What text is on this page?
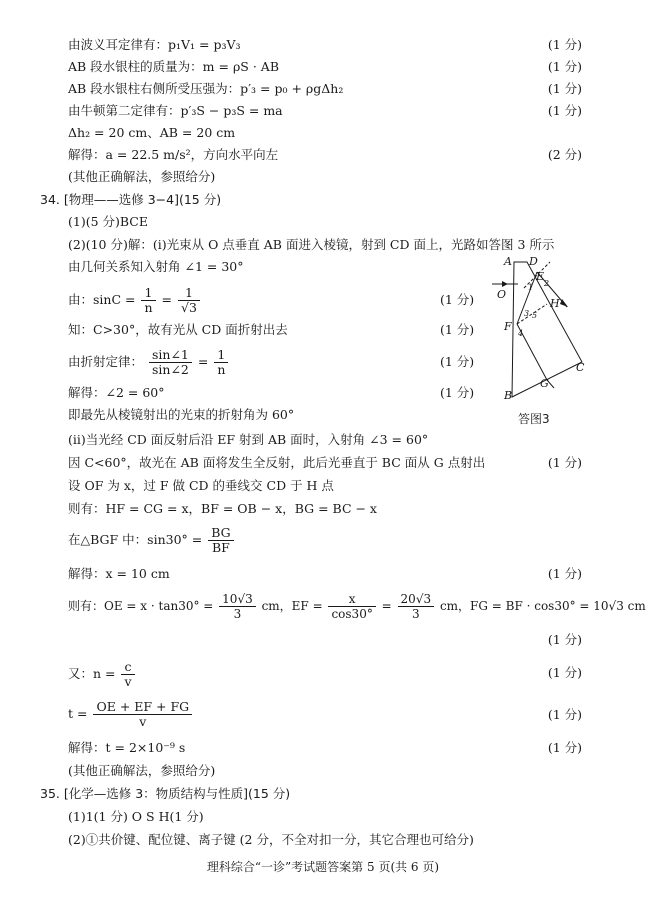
由波义耳定律有：p₁V₁ = p₃V₃	(1 分)
AB 段水银柱的质量为：m = ρS · AB	(1 分)
AB 段水银柱右侧所受压强为：p′₃ = p₀ + ρgΔh₂	(1 分)
由牛顿第二定律有：p′₃S − p₃S = ma	(1 分)
Δh₂ = 20 cm、AB = 20 cm
解得：a = 22.5 m/s²，方向水平向左	(2 分)
(其他正确解法，参照给分)
34. [物理——选修 3−4](15 分)
(1)(5 分)BCE
(2)(10 分)解：(i)光束从 O 点垂直 AB 面进入棱镜，射到 CD 面上，光路如答图 3 所示
由几何关系知入射角 ∠1 = 30°
由：$\sin C = \frac{1}{n} = \frac{1}{√3}$	(1 分)
知：C>30°，故有光从 CD 面折射出去	(1 分)
由折射定律： $\frac{\sin\angle 1}{\sin\angle 2} = \frac{1}{n}$	(1 分)
解得：∠2 = 60°	(1 分)
即最先从棱镜射出的光束的折射角为 60°
A D
E
O
H
F
G
B
C
1 2
3
4
5
答图3
(ii)当光经 CD 面反射后沿 EF 射到 AB 面时，入射角 ∠3 = 60°
因 C<60°，故光在 AB 面将发生全反射，此后光垂直于 BC 面从 G 点射出	(1 分)
设 OF 为 x，过 F 做 CD 的垂线交 CD 于 H 点
则有：HF = CG = x，BF = OB − x，BG = BC − x
在△BGF 中：$\sin 30^\circ = \frac{BG}{BF}$
解得：x = 10 cm	(1 分)
则有：OE = $x \cdot \tan 30^\circ = \frac{10√3}{3}$ cm，EF = $\frac{x}{\cos 30^\circ} = \frac{20√3}{3}$ cm，FG = BF · cos30° = 10√3 cm
(1 分)
又：$n = \frac{c}{v}$	(1 分)
$t = \frac{OE + EF + FG}{v}$	(1 分)
解得：t = 2×10⁻⁹ s	(1 分)
(其他正确解法，参照给分)
35. [化学—选修 3：物质结构与性质](15 分)
(1)1(1 分) O S H(1 分)
(2)①共价键、配位键、离子键 (2 分，不全对扣一分，其它合理也可给分)
理科综合“一诊”考试题答案第 5 页(共 6 页)
